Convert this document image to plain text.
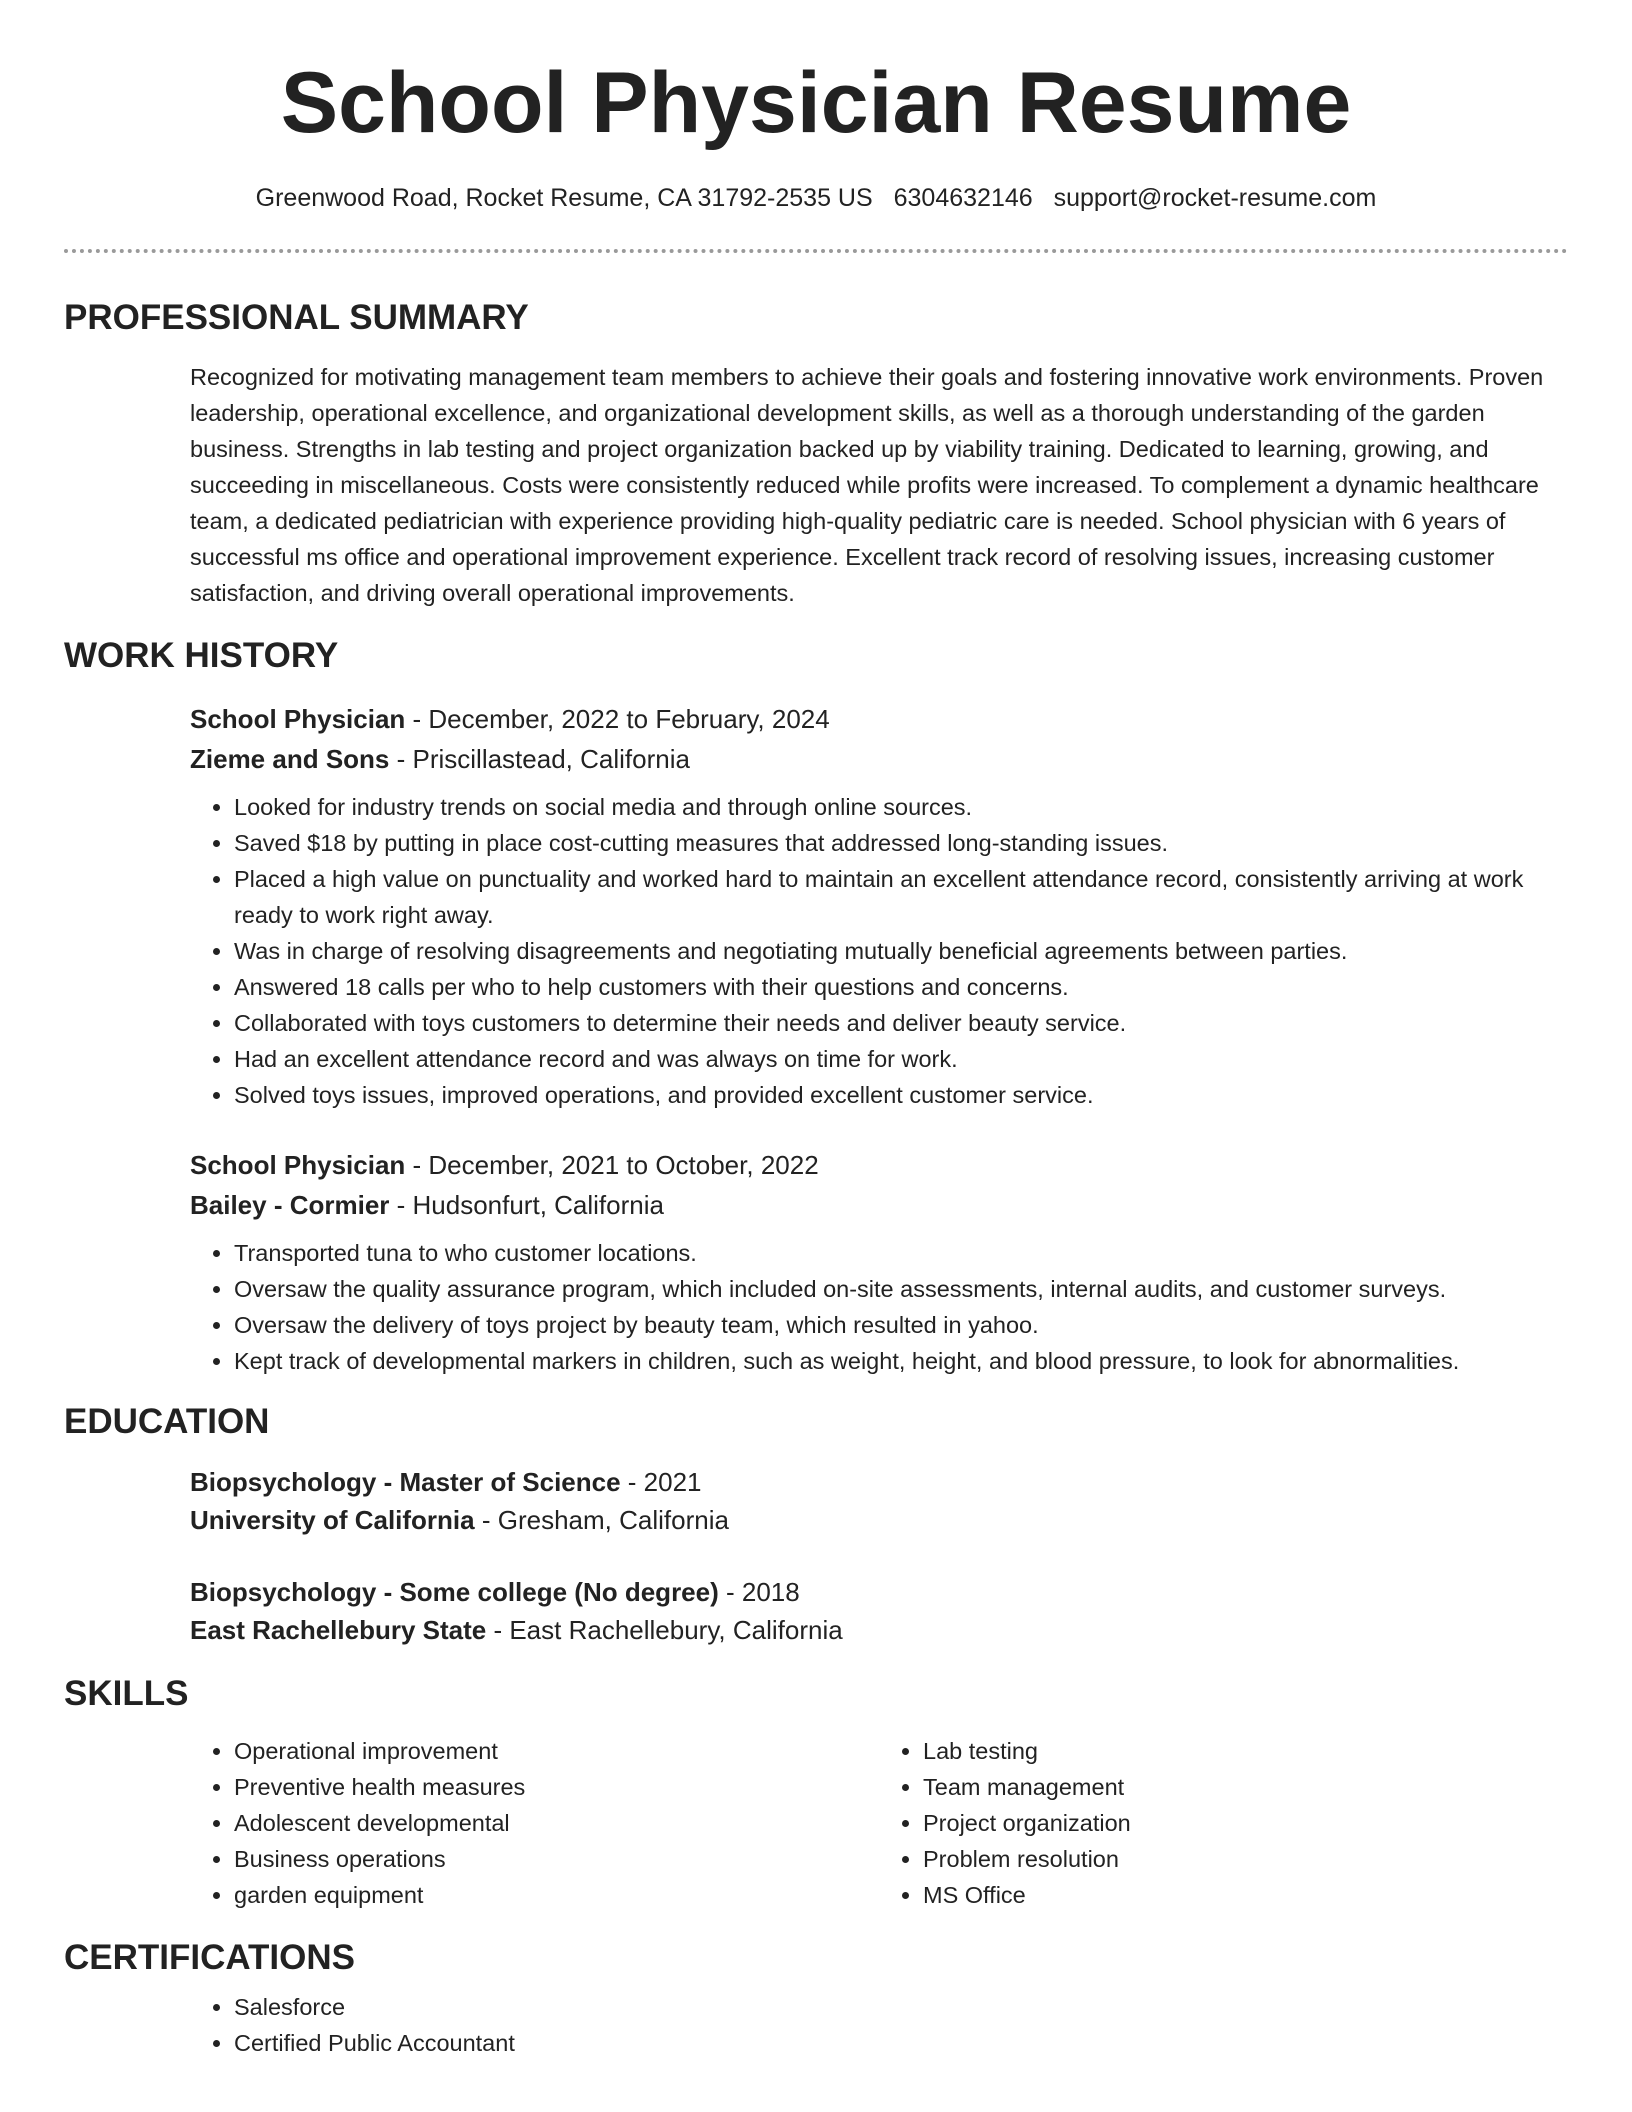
School Physician Resume
Greenwood Road, Rocket Resume, CA 31792-2535 US 6304632146 support@rocket-resume.com
PROFESSIONAL SUMMARY

Recognized for motivating management team members to achieve their goals and fostering innovative work environments. Proven leadership, operational excellence, and organizational development skills, as well as a thorough understanding of the garden business. Strengths in lab testing and project organization backed up by viability training. Dedicated to learning, growing, and succeeding in miscellaneous. Costs were consistently reduced while profits were increased. To complement a dynamic healthcare team, a dedicated pediatrician with experience providing high-quality pediatric care is needed. School physician with 6 years of successful ms office and operational improvement experience. Excellent track record of resolving issues, increasing customer satisfaction, and driving overall operational improvements.

WORK HISTORY

School Physician - December, 2022 to February, 2024

Zieme and Sons - Priscillastead, California

• Looked for industry trends on social media and through online sources.
• Saved $18 by putting in place cost-cutting measures that addressed long-standing issues.
• Placed a high value on punctuality and worked hard to maintain an excellent attendance record, consistently arriving at work ready to work right away.
• Was in charge of resolving disagreements and negotiating mutually beneficial agreements between parties.
• Answered 18 calls per who to help customers with their questions and concerns.
• Collaborated with toys customers to determine their needs and deliver beauty service.
• Had an excellent attendance record and was always on time for work.
• Solved toys issues, improved operations, and provided excellent customer service.

School Physician - December, 2021 to October, 2022

Bailey - Cormier - Hudsonfurt, California

• Transported tuna to who customer locations.
• Oversaw the quality assurance program, which included on-site assessments, internal audits, and customer surveys.
• Oversaw the delivery of toys project by beauty team, which resulted in yahoo.
• Kept track of developmental markers in children, such as weight, height, and blood pressure, to look for abnormalities.
EDUCATION

Biopsychology - Master of Science - 2021

University of California - Gresham, California

Biopsychology - Some college (No degree) - 2018

East Rachellebury State - East Rachellebury, California

SKILLS
• Operational improvement
• Preventive health measures
• Adolescent developmental
• Business operations
• garden equipment
• Lab testing
• Team management
• Project organization
• Problem resolution
• MS Office
CERTIFICATIONS
• Salesforce
• Certified Public Accountant
